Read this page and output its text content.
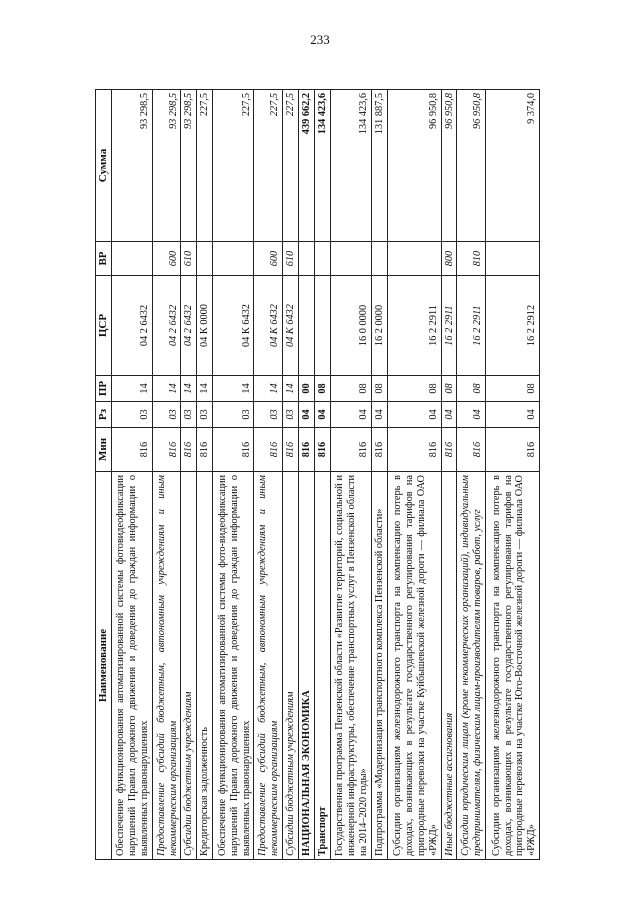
233
Наименование	Мин	Рз	ПР	ЦСР	ВР	Сумма
Обеспечение функционирования автоматизированной системы фотовидеофиксации нарушений Правил дорожного движения и доведения до граждан информации о выявленных правонарушениях	816	03	14	04 2 6432		93 298,5
Предоставление субсидий бюджетным, автономным учреждениям и иным некоммерческим организациям	816	03	14	04 2 6432	600	93 298,5
Субсидии бюджетным учреждениям	816	03	14	04 2 6432	610	93 298,5
Кредиторская задолженность	816	03	14	04 К 0000		227,5
Обеспечение функционирования автоматизированной системы фото-видеофиксации нарушений Правил дорожного движения и доведения до граждан информации о выявленных правонарушениях	816	03	14	04 К 6432		227,5
Предоставление субсидий бюджетным, автономным учреждениям и иным некоммерческим организациям	816	03	14	04 К 6432	600	227,5
Субсидии бюджетным учреждениям	816	03	14	04 К 6432	610	227,5
НАЦИОНАЛЬНАЯ ЭКОНОМИКА	816	04	00			439 662,2
Транспорт	816	04	08			134 423,6
Государственная программа Пензенской области «Развитие территорий, социальной и инженерной инфраструктуры, обеспечение транспортных услуг в Пензенской области на 2014–2020 годы»	816	04	08	16 0 0000		134 423,6
Подпрограмма «Модернизация транспортного комплекса Пензенской области»	816	04	08	16 2 0000		131 887,5
Субсидии организациям железнодорожного транспорта на компенсацию потерь в доходах, возникающих в результате государственного регулирования тарифов на пригородные перевозки на участке Куйбышевской железной дороги — филиала ОАО «РЖД»	816	04	08	16 2 2911		96 950,8
Иные бюджетные ассигнования	816	04	08	16 2 2911	800	96 950,8
Субсидии юридическим лицам (кроме некоммерческих организаций), индивидуальным предпринимателям, физическим лицам-производителям товаров, работ, услуг	816	04	08	16 2 2911	810	96 950,8
Субсидии организациям железнодорожного транспорта на компенсацию потерь в доходах, возникающих в результате государственного регулирования тарифов на пригородные перевозки на участке Юго-Восточной железной дороги — филиала ОАО «РЖД»	816	04	08	16 2 2912		9 374,0
